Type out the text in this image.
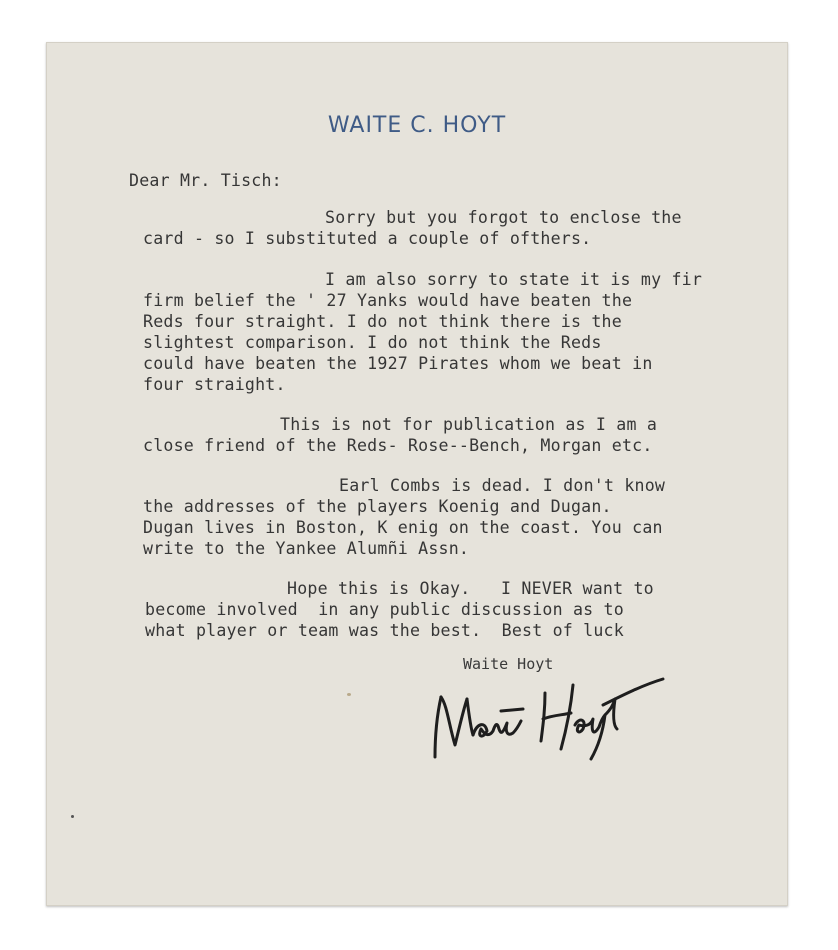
WAITE C. HOYT
Dear Mr. Tisch:
Sorry but you forgot to enclose the
card - so I substituted a couple of ofthers.
I am also sorry to state it is my fir
firm belief the ' 27 Yanks would have beaten the
Reds four straight. I do not think there is the
slightest comparison. I do not think the Reds
could have beaten the 1927 Pirates whom we beat in
four straight.
This is not for publication as I am a
close friend of the Reds- Rose--Bench, Morgan etc.
Earl Combs is dead. I don't know
the addresses of the players Koenig and Dugan.
Dugan lives in Boston, K enig on the coast. You can
write to the Yankee Alumñi Assn.
Hope this is Okay.   I NEVER want to
become involved  in any public discussion as to
what player or team was the best.  Best of luck
Waite Hoyt
